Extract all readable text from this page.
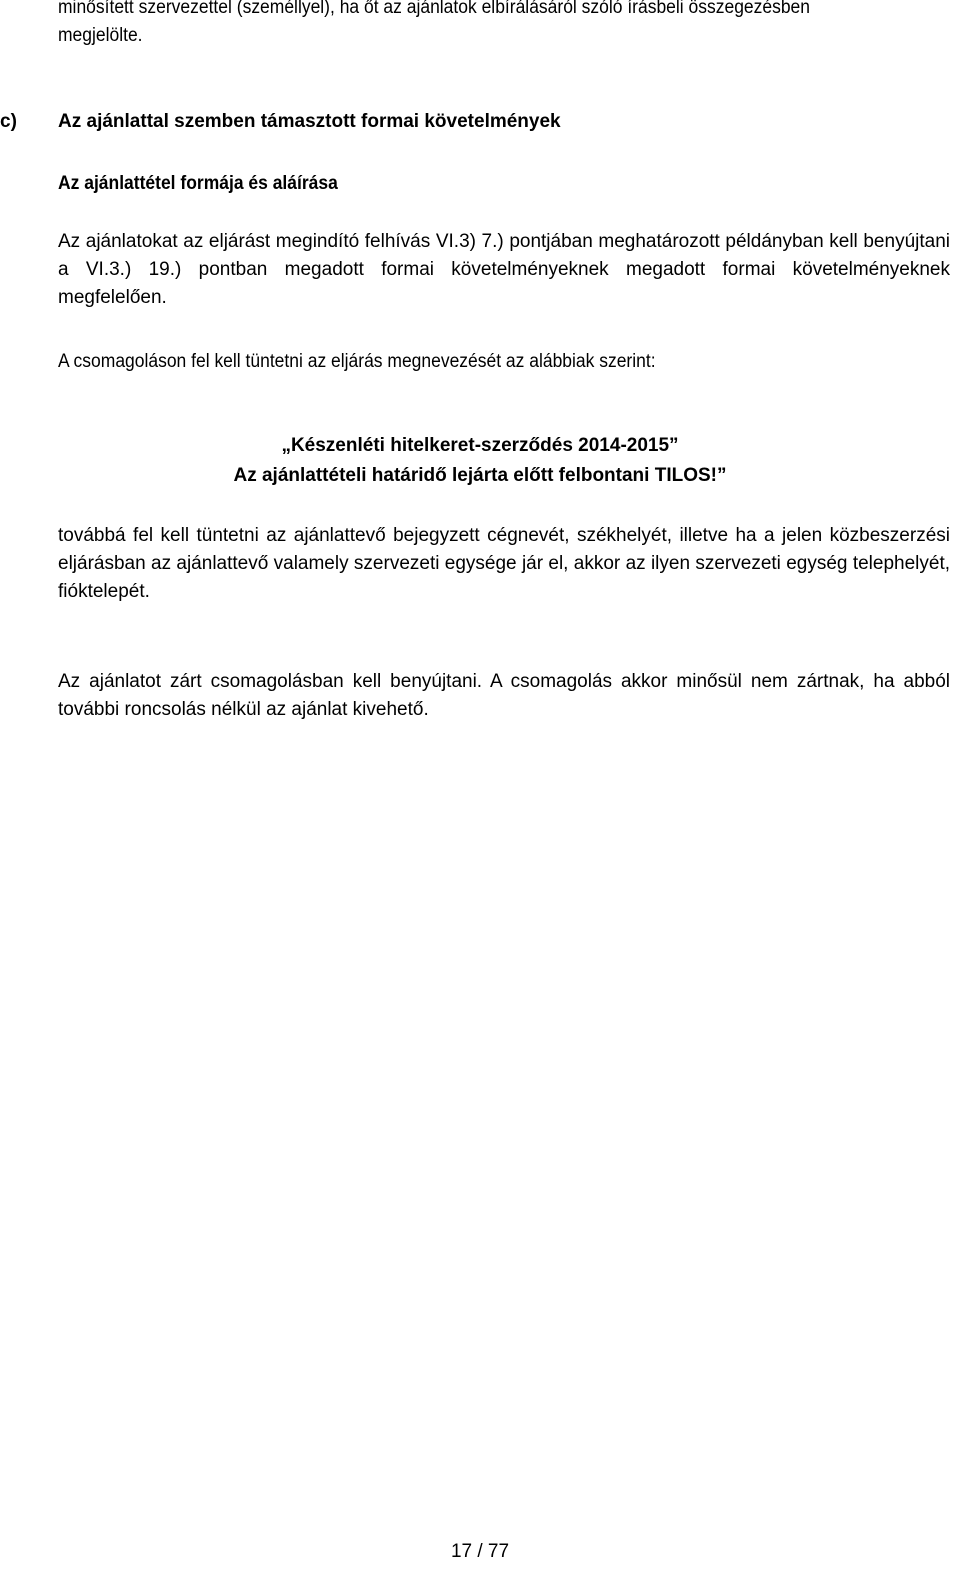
minősített szervezettel (személlyel), ha őt az ajánlatok elbírálásáról szóló írásbeli összegezésben

megjelölte.

c) Az ajánlattal szemben támasztott formai követelmények

Az ajánlattétel formája és aláírása

Az ajánlatokat az eljárást megindító felhívás VI.3) 7.) pontjában meghatározott példányban kell benyújtani a VI.3.) 19.) pontban megadott formai követelményeknek megadott formai követelményeknek megfelelően.

A csomagoláson fel kell tüntetni az eljárás megnevezését az alábbiak szerint:

„Készenléti hitelkeret-szerződés 2014-2015”

Az ajánlattételi határidő lejárta előtt felbontani TILOS!”

továbbá fel kell tüntetni az ajánlattevő bejegyzett cégnevét, székhelyét, illetve ha a jelen közbeszerzési eljárásban az ajánlattevő valamely szervezeti egysége jár el, akkor az ilyen szervezeti egység telephelyét, fióktelepét.

Az ajánlatot zárt csomagolásban kell benyújtani. A csomagolás akkor minősül nem zártnak, ha abból további roncsolás nélkül az ajánlat kivehető.

17 / 77
